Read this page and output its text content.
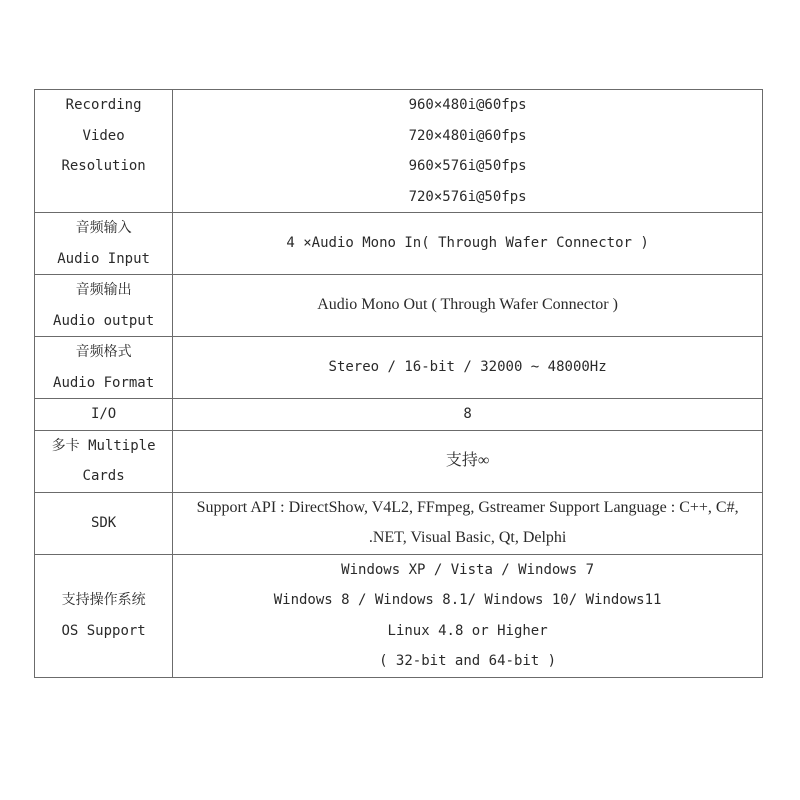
Recording
Video
Resolution	960×480i@60fps
720×480i@60fps
960×576i@50fps
720×576i@50fps

音频输入
Audio Input	4 ×Audio Mono In( Through Wafer Connector )

音频输出
Audio output	Audio Mono Out ( Through Wafer Connector )

音频格式
Audio Format	Stereo / 16-bit / 32000 ~ 48000Hz

I/O	8

多卡 Multiple
Cards	支持∞

SDK	Support API : DirectShow, V4L2, FFmpeg, Gstreamer Support Language : C++, C#, .NET, Visual Basic, Qt, Delphi

支持操作系统
OS Support	Windows XP / Vista / Windows 7
Windows 8 / Windows 8.1/ Windows 10/ Windows11
Linux 4.8 or Higher
( 32-bit and 64-bit )
